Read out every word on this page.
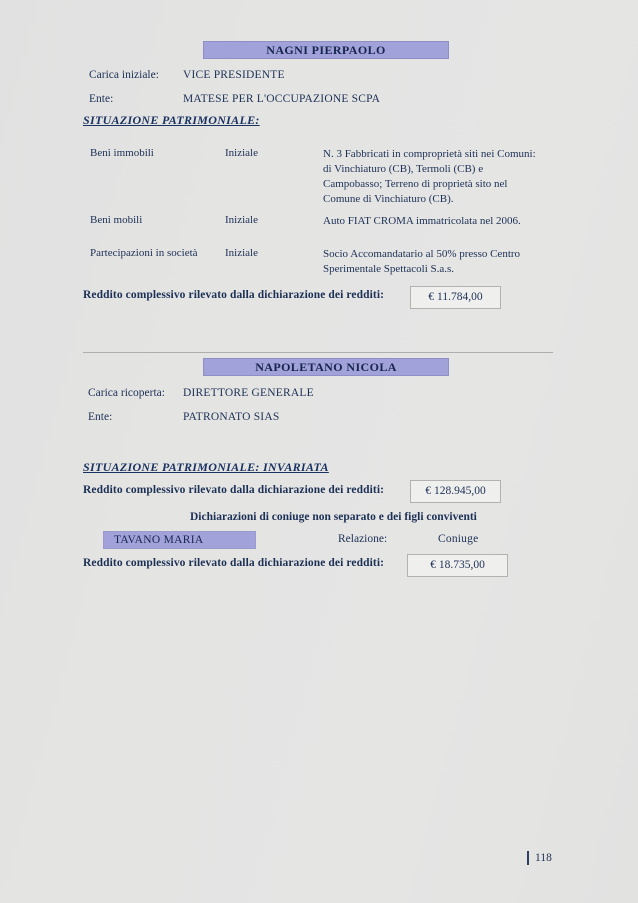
NAGNI PIERPAOLO
Carica iniziale: VICE PRESIDENTE
Ente:	MATESE PER L'OCCUPAZIONE SCPA
SITUAZIONE PATRIMONIALE:
Beni immobili	Iniziale	N. 3 Fabbricati in comproprietà siti nei Comuni:
di Vinchiaturo (CB), Termoli (CB) e
Campobasso; Terreno di proprietà sito nel
Comune di Vinchiaturo (CB).
Beni mobili	Iniziale	Auto FIAT CROMA immatricolata nel 2006.
Partecipazioni in società Iniziale	Socio Accomandatario al 50% presso Centro
Sperimentale Spettacoli S.a.s.
Reddito complessivo rilevato dalla dichiarazione dei redditi:	€ 11.784,00
NAPOLETANO NICOLA
Carica ricoperta: DIRETTORE GENERALE
Ente:	PATRONATO SIAS
SITUAZIONE PATRIMONIALE: INVARIATA
Reddito complessivo rilevato dalla dichiarazione dei redditi:	€ 128.945,00
Dichiarazioni di coniuge non separato e dei figli conviventi
TAVANO MARIA	Relazione:	Coniuge
Reddito complessivo rilevato dalla dichiarazione dei redditi:	€ 18.735,00
118
